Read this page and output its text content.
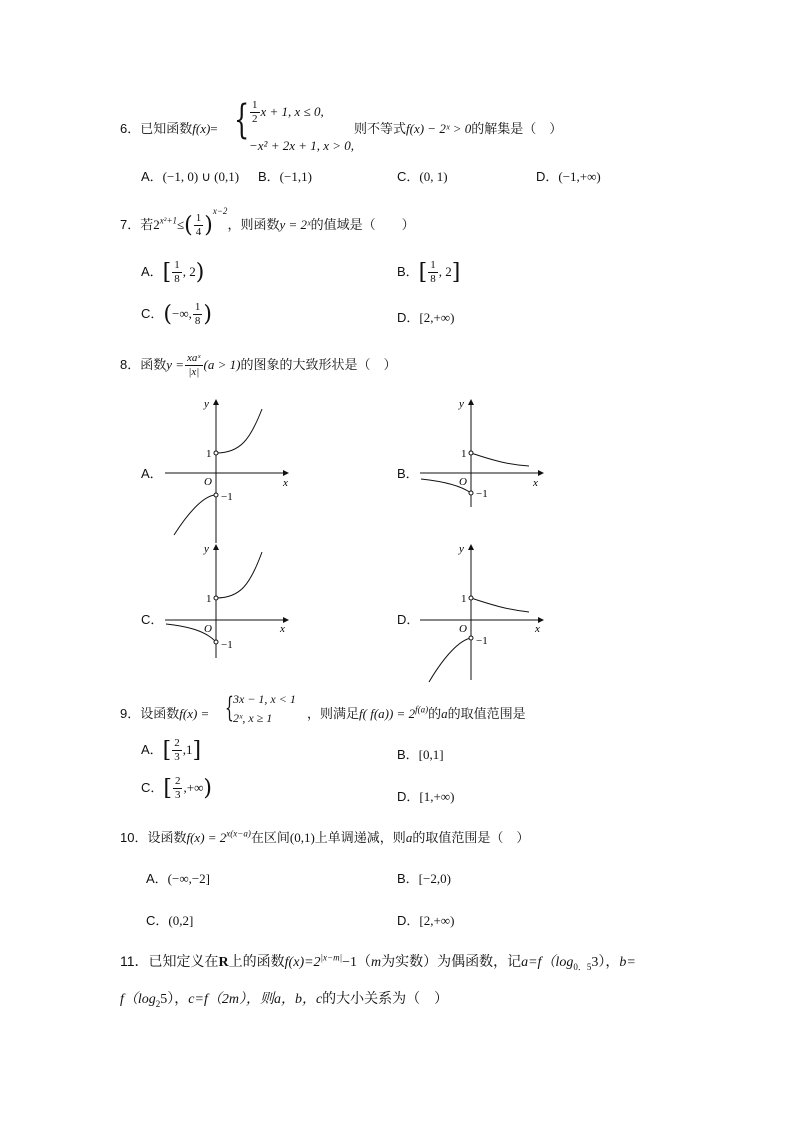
6．已知函数f(x)= { $\frac{1}{2}$ x + 1, x ≤ 0,
−x² + 2x + 1, x > 0,
则不等式f(x) − 2ˣ > 0的解集是（　）
A．(−1, 0) ∪ (0,1) B．(−1,1)	C．(0, 1)	D．(−1,+∞)
7．若$2^{x^2+1}\le( \frac{1}{4} )^{x-2}$，则函数y = 2ˣ的值域是（　　）
A．[ $\frac{1}{8}$ , 2)	B．[ $\frac{1}{8}$ , 2]
C．(−∞, $\frac{1}{8}$ )	D．[2,+∞)
8．函数$y = \frac{\text{xaˣ}}{|x|} (a > 1)$的图象的大致形状是（　）
A．	B．
C．	D．
y
x
O
1
−1
y
x
O
1
−1
y
x
O
1
−1
y
x
O
1
−1
9．设函数f(x) = { 3x − 1, x < 1
2ˣ, x ≥ 1	，则满足f( $f(a)) = 2^{f(a)}$的a的取值范围是
A．[ $\frac{2}{3} ,1$]	B．[0,1]
C．[ $\frac{2}{3}$ ,+∞)	D．[1,+∞)
10．设函数$f(x) = 2^{x(x-a)}$在区间(0,1)上单调递减，则a的取值范围是（　）
A．(−∞,−2]	B．[−2,0)
C．(0,2]	D．[2,+∞)
11．已知定义在R上的函数$f(x)=2^{|x-m|}-1(m$为实数）为偶函数，记$a=f(\log_{0.5}3)$，b=
$f(\log_25)$，c=f（2m），则a，b，c的大小关系为（　）
